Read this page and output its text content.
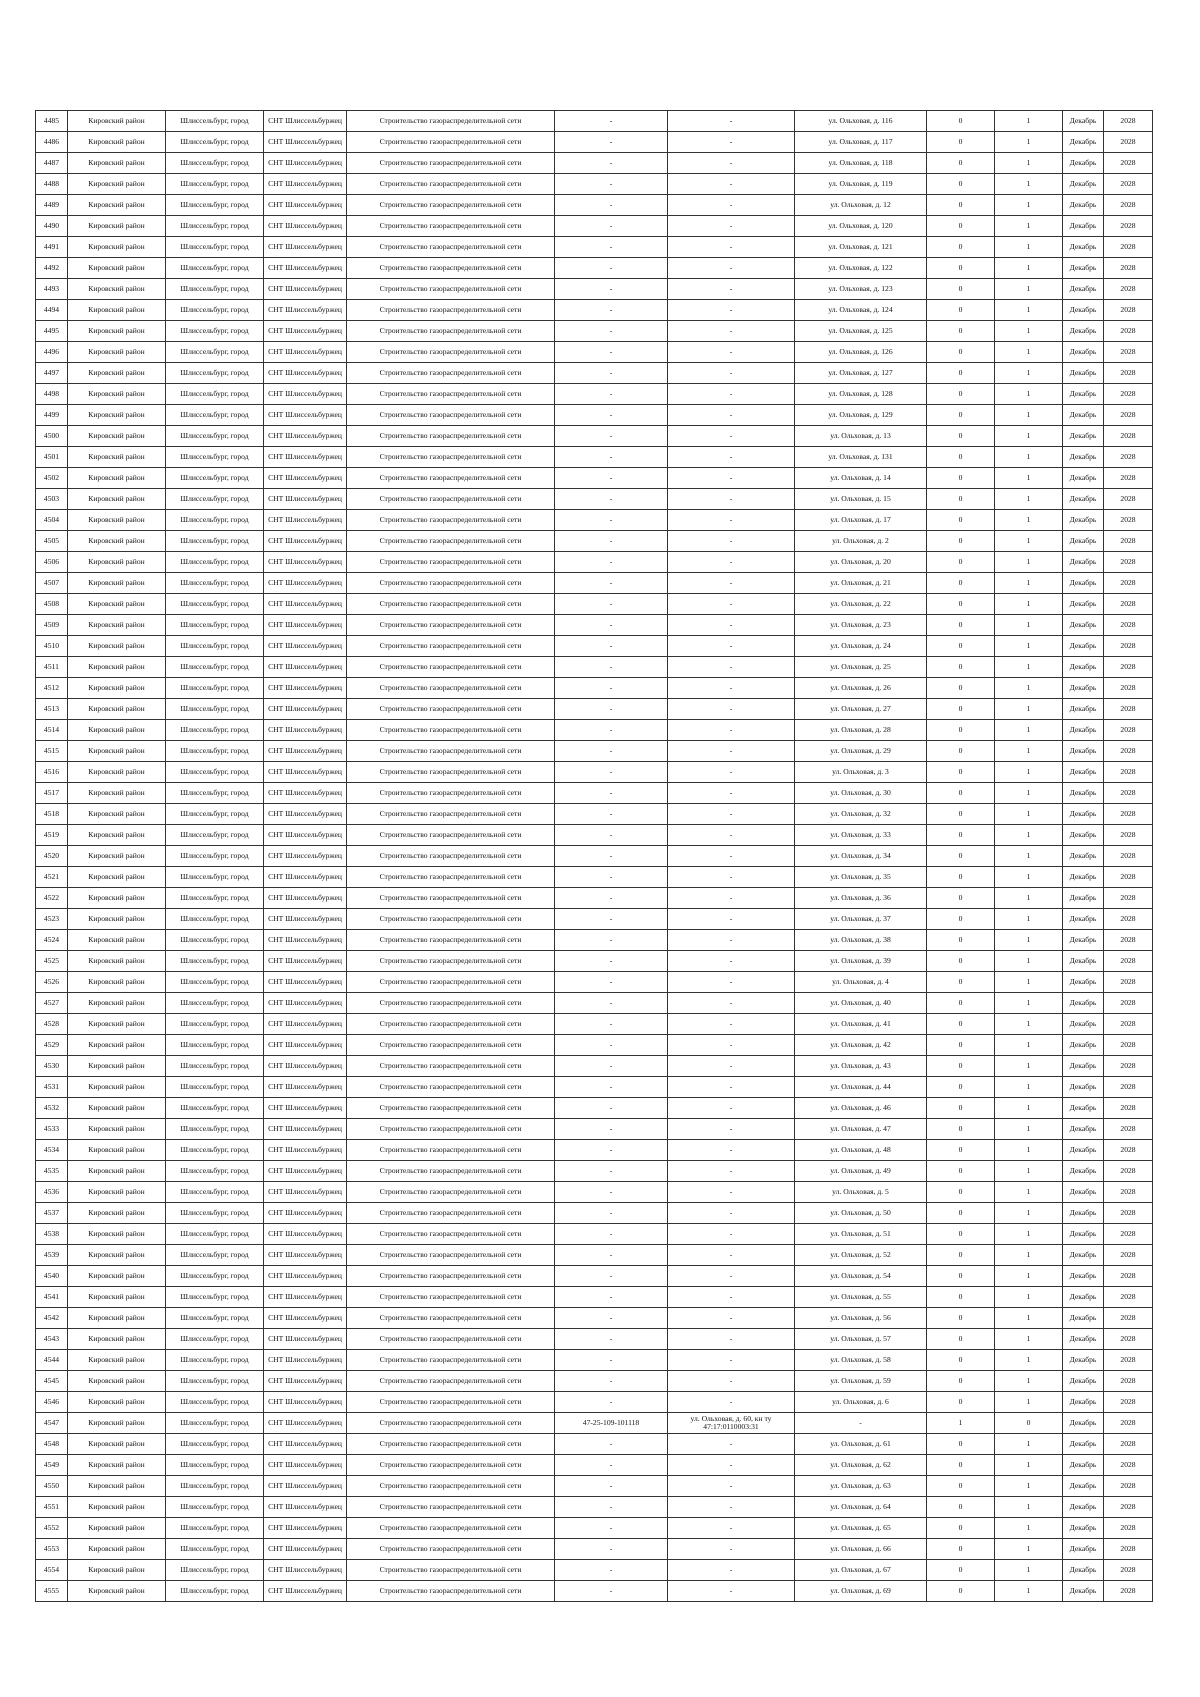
4485	Кировский район	Шлиссельбург, город	СНТ Шлиссельбуржец	Строительство газораспределительной сети	-	-	ул. Ольховая, д. 116	0	1	Декабрь	2028
4486	Кировский район	Шлиссельбург, город	СНТ Шлиссельбуржец	Строительство газораспределительной сети	-	-	ул. Ольховая, д. 117	0	1	Декабрь	2028
4487	Кировский район	Шлиссельбург, город	СНТ Шлиссельбуржец	Строительство газораспределительной сети	-	-	ул. Ольховая, д. 118	0	1	Декабрь	2028
4488	Кировский район	Шлиссельбург, город	СНТ Шлиссельбуржец	Строительство газораспределительной сети	-	-	ул. Ольховая, д. 119	0	1	Декабрь	2028
4489	Кировский район	Шлиссельбург, город	СНТ Шлиссельбуржец	Строительство газораспределительной сети	-	-	ул. Ольховая, д. 12	0	1	Декабрь	2028
4490	Кировский район	Шлиссельбург, город	СНТ Шлиссельбуржец	Строительство газораспределительной сети	-	-	ул. Ольховая, д. 120	0	1	Декабрь	2028
4491	Кировский район	Шлиссельбург, город	СНТ Шлиссельбуржец	Строительство газораспределительной сети	-	-	ул. Ольховая, д. 121	0	1	Декабрь	2028
4492	Кировский район	Шлиссельбург, город	СНТ Шлиссельбуржец	Строительство газораспределительной сети	-	-	ул. Ольховая, д. 122	0	1	Декабрь	2028
4493	Кировский район	Шлиссельбург, город	СНТ Шлиссельбуржец	Строительство газораспределительной сети	-	-	ул. Ольховая, д. 123	0	1	Декабрь	2028
4494	Кировский район	Шлиссельбург, город	СНТ Шлиссельбуржец	Строительство газораспределительной сети	-	-	ул. Ольховая, д. 124	0	1	Декабрь	2028
4495	Кировский район	Шлиссельбург, город	СНТ Шлиссельбуржец	Строительство газораспределительной сети	-	-	ул. Ольховая, д. 125	0	1	Декабрь	2028
4496	Кировский район	Шлиссельбург, город	СНТ Шлиссельбуржец	Строительство газораспределительной сети	-	-	ул. Ольховая, д. 126	0	1	Декабрь	2028
4497	Кировский район	Шлиссельбург, город	СНТ Шлиссельбуржец	Строительство газораспределительной сети	-	-	ул. Ольховая, д. 127	0	1	Декабрь	2028
4498	Кировский район	Шлиссельбург, город	СНТ Шлиссельбуржец	Строительство газораспределительной сети	-	-	ул. Ольховая, д. 128	0	1	Декабрь	2028
4499	Кировский район	Шлиссельбург, город	СНТ Шлиссельбуржец	Строительство газораспределительной сети	-	-	ул. Ольховая, д. 129	0	1	Декабрь	2028
4500	Кировский район	Шлиссельбург, город	СНТ Шлиссельбуржец	Строительство газораспределительной сети	-	-	ул. Ольховая, д. 13	0	1	Декабрь	2028
4501	Кировский район	Шлиссельбург, город	СНТ Шлиссельбуржец	Строительство газораспределительной сети	-	-	ул. Ольховая, д. 131	0	1	Декабрь	2028
4502	Кировский район	Шлиссельбург, город	СНТ Шлиссельбуржец	Строительство газораспределительной сети	-	-	ул. Ольховая, д. 14	0	1	Декабрь	2028
4503	Кировский район	Шлиссельбург, город	СНТ Шлиссельбуржец	Строительство газораспределительной сети	-	-	ул. Ольховая, д. 15	0	1	Декабрь	2028
4504	Кировский район	Шлиссельбург, город	СНТ Шлиссельбуржец	Строительство газораспределительной сети	-	-	ул. Ольховая, д. 17	0	1	Декабрь	2028
4505	Кировский район	Шлиссельбург, город	СНТ Шлиссельбуржец	Строительство газораспределительной сети	-	-	ул. Ольховая, д. 2	0	1	Декабрь	2028
4506	Кировский район	Шлиссельбург, город	СНТ Шлиссельбуржец	Строительство газораспределительной сети	-	-	ул. Ольховая, д. 20	0	1	Декабрь	2028
4507	Кировский район	Шлиссельбург, город	СНТ Шлиссельбуржец	Строительство газораспределительной сети	-	-	ул. Ольховая, д. 21	0	1	Декабрь	2028
4508	Кировский район	Шлиссельбург, город	СНТ Шлиссельбуржец	Строительство газораспределительной сети	-	-	ул. Ольховая, д. 22	0	1	Декабрь	2028
4509	Кировский район	Шлиссельбург, город	СНТ Шлиссельбуржец	Строительство газораспределительной сети	-	-	ул. Ольховая, д. 23	0	1	Декабрь	2028
4510	Кировский район	Шлиссельбург, город	СНТ Шлиссельбуржец	Строительство газораспределительной сети	-	-	ул. Ольховая, д. 24	0	1	Декабрь	2028
4511	Кировский район	Шлиссельбург, город	СНТ Шлиссельбуржец	Строительство газораспределительной сети	-	-	ул. Ольховая, д. 25	0	1	Декабрь	2028
4512	Кировский район	Шлиссельбург, город	СНТ Шлиссельбуржец	Строительство газораспределительной сети	-	-	ул. Ольховая, д. 26	0	1	Декабрь	2028
4513	Кировский район	Шлиссельбург, город	СНТ Шлиссельбуржец	Строительство газораспределительной сети	-	-	ул. Ольховая, д. 27	0	1	Декабрь	2028
4514	Кировский район	Шлиссельбург, город	СНТ Шлиссельбуржец	Строительство газораспределительной сети	-	-	ул. Ольховая, д. 28	0	1	Декабрь	2028
4515	Кировский район	Шлиссельбург, город	СНТ Шлиссельбуржец	Строительство газораспределительной сети	-	-	ул. Ольховая, д. 29	0	1	Декабрь	2028
4516	Кировский район	Шлиссельбург, город	СНТ Шлиссельбуржец	Строительство газораспределительной сети	-	-	ул. Ольховая, д. 3	0	1	Декабрь	2028
4517	Кировский район	Шлиссельбург, город	СНТ Шлиссельбуржец	Строительство газораспределительной сети	-	-	ул. Ольховая, д. 30	0	1	Декабрь	2028
4518	Кировский район	Шлиссельбург, город	СНТ Шлиссельбуржец	Строительство газораспределительной сети	-	-	ул. Ольховая, д. 32	0	1	Декабрь	2028
4519	Кировский район	Шлиссельбург, город	СНТ Шлиссельбуржец	Строительство газораспределительной сети	-	-	ул. Ольховая, д. 33	0	1	Декабрь	2028
4520	Кировский район	Шлиссельбург, город	СНТ Шлиссельбуржец	Строительство газораспределительной сети	-	-	ул. Ольховая, д. 34	0	1	Декабрь	2028
4521	Кировский район	Шлиссельбург, город	СНТ Шлиссельбуржец	Строительство газораспределительной сети	-	-	ул. Ольховая, д. 35	0	1	Декабрь	2028
4522	Кировский район	Шлиссельбург, город	СНТ Шлиссельбуржец	Строительство газораспределительной сети	-	-	ул. Ольховая, д. 36	0	1	Декабрь	2028
4523	Кировский район	Шлиссельбург, город	СНТ Шлиссельбуржец	Строительство газораспределительной сети	-	-	ул. Ольховая, д. 37	0	1	Декабрь	2028
4524	Кировский район	Шлиссельбург, город	СНТ Шлиссельбуржец	Строительство газораспределительной сети	-	-	ул. Ольховая, д. 38	0	1	Декабрь	2028
4525	Кировский район	Шлиссельбург, город	СНТ Шлиссельбуржец	Строительство газораспределительной сети	-	-	ул. Ольховая, д. 39	0	1	Декабрь	2028
4526	Кировский район	Шлиссельбург, город	СНТ Шлиссельбуржец	Строительство газораспределительной сети	-	-	ул. Ольховая, д. 4	0	1	Декабрь	2028
4527	Кировский район	Шлиссельбург, город	СНТ Шлиссельбуржец	Строительство газораспределительной сети	-	-	ул. Ольховая, д. 40	0	1	Декабрь	2028
4528	Кировский район	Шлиссельбург, город	СНТ Шлиссельбуржец	Строительство газораспределительной сети	-	-	ул. Ольховая, д. 41	0	1	Декабрь	2028
4529	Кировский район	Шлиссельбург, город	СНТ Шлиссельбуржец	Строительство газораспределительной сети	-	-	ул. Ольховая, д. 42	0	1	Декабрь	2028
4530	Кировский район	Шлиссельбург, город	СНТ Шлиссельбуржец	Строительство газораспределительной сети	-	-	ул. Ольховая, д. 43	0	1	Декабрь	2028
4531	Кировский район	Шлиссельбург, город	СНТ Шлиссельбуржец	Строительство газораспределительной сети	-	-	ул. Ольховая, д. 44	0	1	Декабрь	2028
4532	Кировский район	Шлиссельбург, город	СНТ Шлиссельбуржец	Строительство газораспределительной сети	-	-	ул. Ольховая, д. 46	0	1	Декабрь	2028
4533	Кировский район	Шлиссельбург, город	СНТ Шлиссельбуржец	Строительство газораспределительной сети	-	-	ул. Ольховая, д. 47	0	1	Декабрь	2028
4534	Кировский район	Шлиссельбург, город	СНТ Шлиссельбуржец	Строительство газораспределительной сети	-	-	ул. Ольховая, д. 48	0	1	Декабрь	2028
4535	Кировский район	Шлиссельбург, город	СНТ Шлиссельбуржец	Строительство газораспределительной сети	-	-	ул. Ольховая, д. 49	0	1	Декабрь	2028
4536	Кировский район	Шлиссельбург, город	СНТ Шлиссельбуржец	Строительство газораспределительной сети	-	-	ул. Ольховая, д. 5	0	1	Декабрь	2028
4537	Кировский район	Шлиссельбург, город	СНТ Шлиссельбуржец	Строительство газораспределительной сети	-	-	ул. Ольховая, д. 50	0	1	Декабрь	2028
4538	Кировский район	Шлиссельбург, город	СНТ Шлиссельбуржец	Строительство газораспределительной сети	-	-	ул. Ольховая, д. 51	0	1	Декабрь	2028
4539	Кировский район	Шлиссельбург, город	СНТ Шлиссельбуржец	Строительство газораспределительной сети	-	-	ул. Ольховая, д. 52	0	1	Декабрь	2028
4540	Кировский район	Шлиссельбург, город	СНТ Шлиссельбуржец	Строительство газораспределительной сети	-	-	ул. Ольховая, д. 54	0	1	Декабрь	2028
4541	Кировский район	Шлиссельбург, город	СНТ Шлиссельбуржец	Строительство газораспределительной сети	-	-	ул. Ольховая, д. 55	0	1	Декабрь	2028
4542	Кировский район	Шлиссельбург, город	СНТ Шлиссельбуржец	Строительство газораспределительной сети	-	-	ул. Ольховая, д. 56	0	1	Декабрь	2028
4543	Кировский район	Шлиссельбург, город	СНТ Шлиссельбуржец	Строительство газораспределительной сети	-	-	ул. Ольховая, д. 57	0	1	Декабрь	2028
4544	Кировский район	Шлиссельбург, город	СНТ Шлиссельбуржец	Строительство газораспределительной сети	-	-	ул. Ольховая, д. 58	0	1	Декабрь	2028
4545	Кировский район	Шлиссельбург, город	СНТ Шлиссельбуржец	Строительство газораспределительной сети	-	-	ул. Ольховая, д. 59	0	1	Декабрь	2028
4546	Кировский район	Шлиссельбург, город	СНТ Шлиссельбуржец	Строительство газораспределительной сети	-	-	ул. Ольховая, д. 6	0	1	Декабрь	2028
4547	Кировский район	Шлиссельбург, город	СНТ Шлиссельбуржец	Строительство газораспределительной сети	47-25-109-101118	ул. Ольховая, д. 60, кн ту 47:17:0110003:31	-	1	0	Декабрь	2028
4548	Кировский район	Шлиссельбург, город	СНТ Шлиссельбуржец	Строительство газораспределительной сети	-	-	ул. Ольховая, д. 61	0	1	Декабрь	2028
4549	Кировский район	Шлиссельбург, город	СНТ Шлиссельбуржец	Строительство газораспределительной сети	-	-	ул. Ольховая, д. 62	0	1	Декабрь	2028
4550	Кировский район	Шлиссельбург, город	СНТ Шлиссельбуржец	Строительство газораспределительной сети	-	-	ул. Ольховая, д. 63	0	1	Декабрь	2028
4551	Кировский район	Шлиссельбург, город	СНТ Шлиссельбуржец	Строительство газораспределительной сети	-	-	ул. Ольховая, д. 64	0	1	Декабрь	2028
4552	Кировский район	Шлиссельбург, город	СНТ Шлиссельбуржец	Строительство газораспределительной сети	-	-	ул. Ольховая, д. 65	0	1	Декабрь	2028
4553	Кировский район	Шлиссельбург, город	СНТ Шлиссельбуржец	Строительство газораспределительной сети	-	-	ул. Ольховая, д. 66	0	1	Декабрь	2028
4554	Кировский район	Шлиссельбург, город	СНТ Шлиссельбуржец	Строительство газораспределительной сети	-	-	ул. Ольховая, д. 67	0	1	Декабрь	2028
4555	Кировский район	Шлиссельбург, город	СНТ Шлиссельбуржец	Строительство газораспределительной сети	-	-	ул. Ольховая, д. 69	0	1	Декабрь	2028
